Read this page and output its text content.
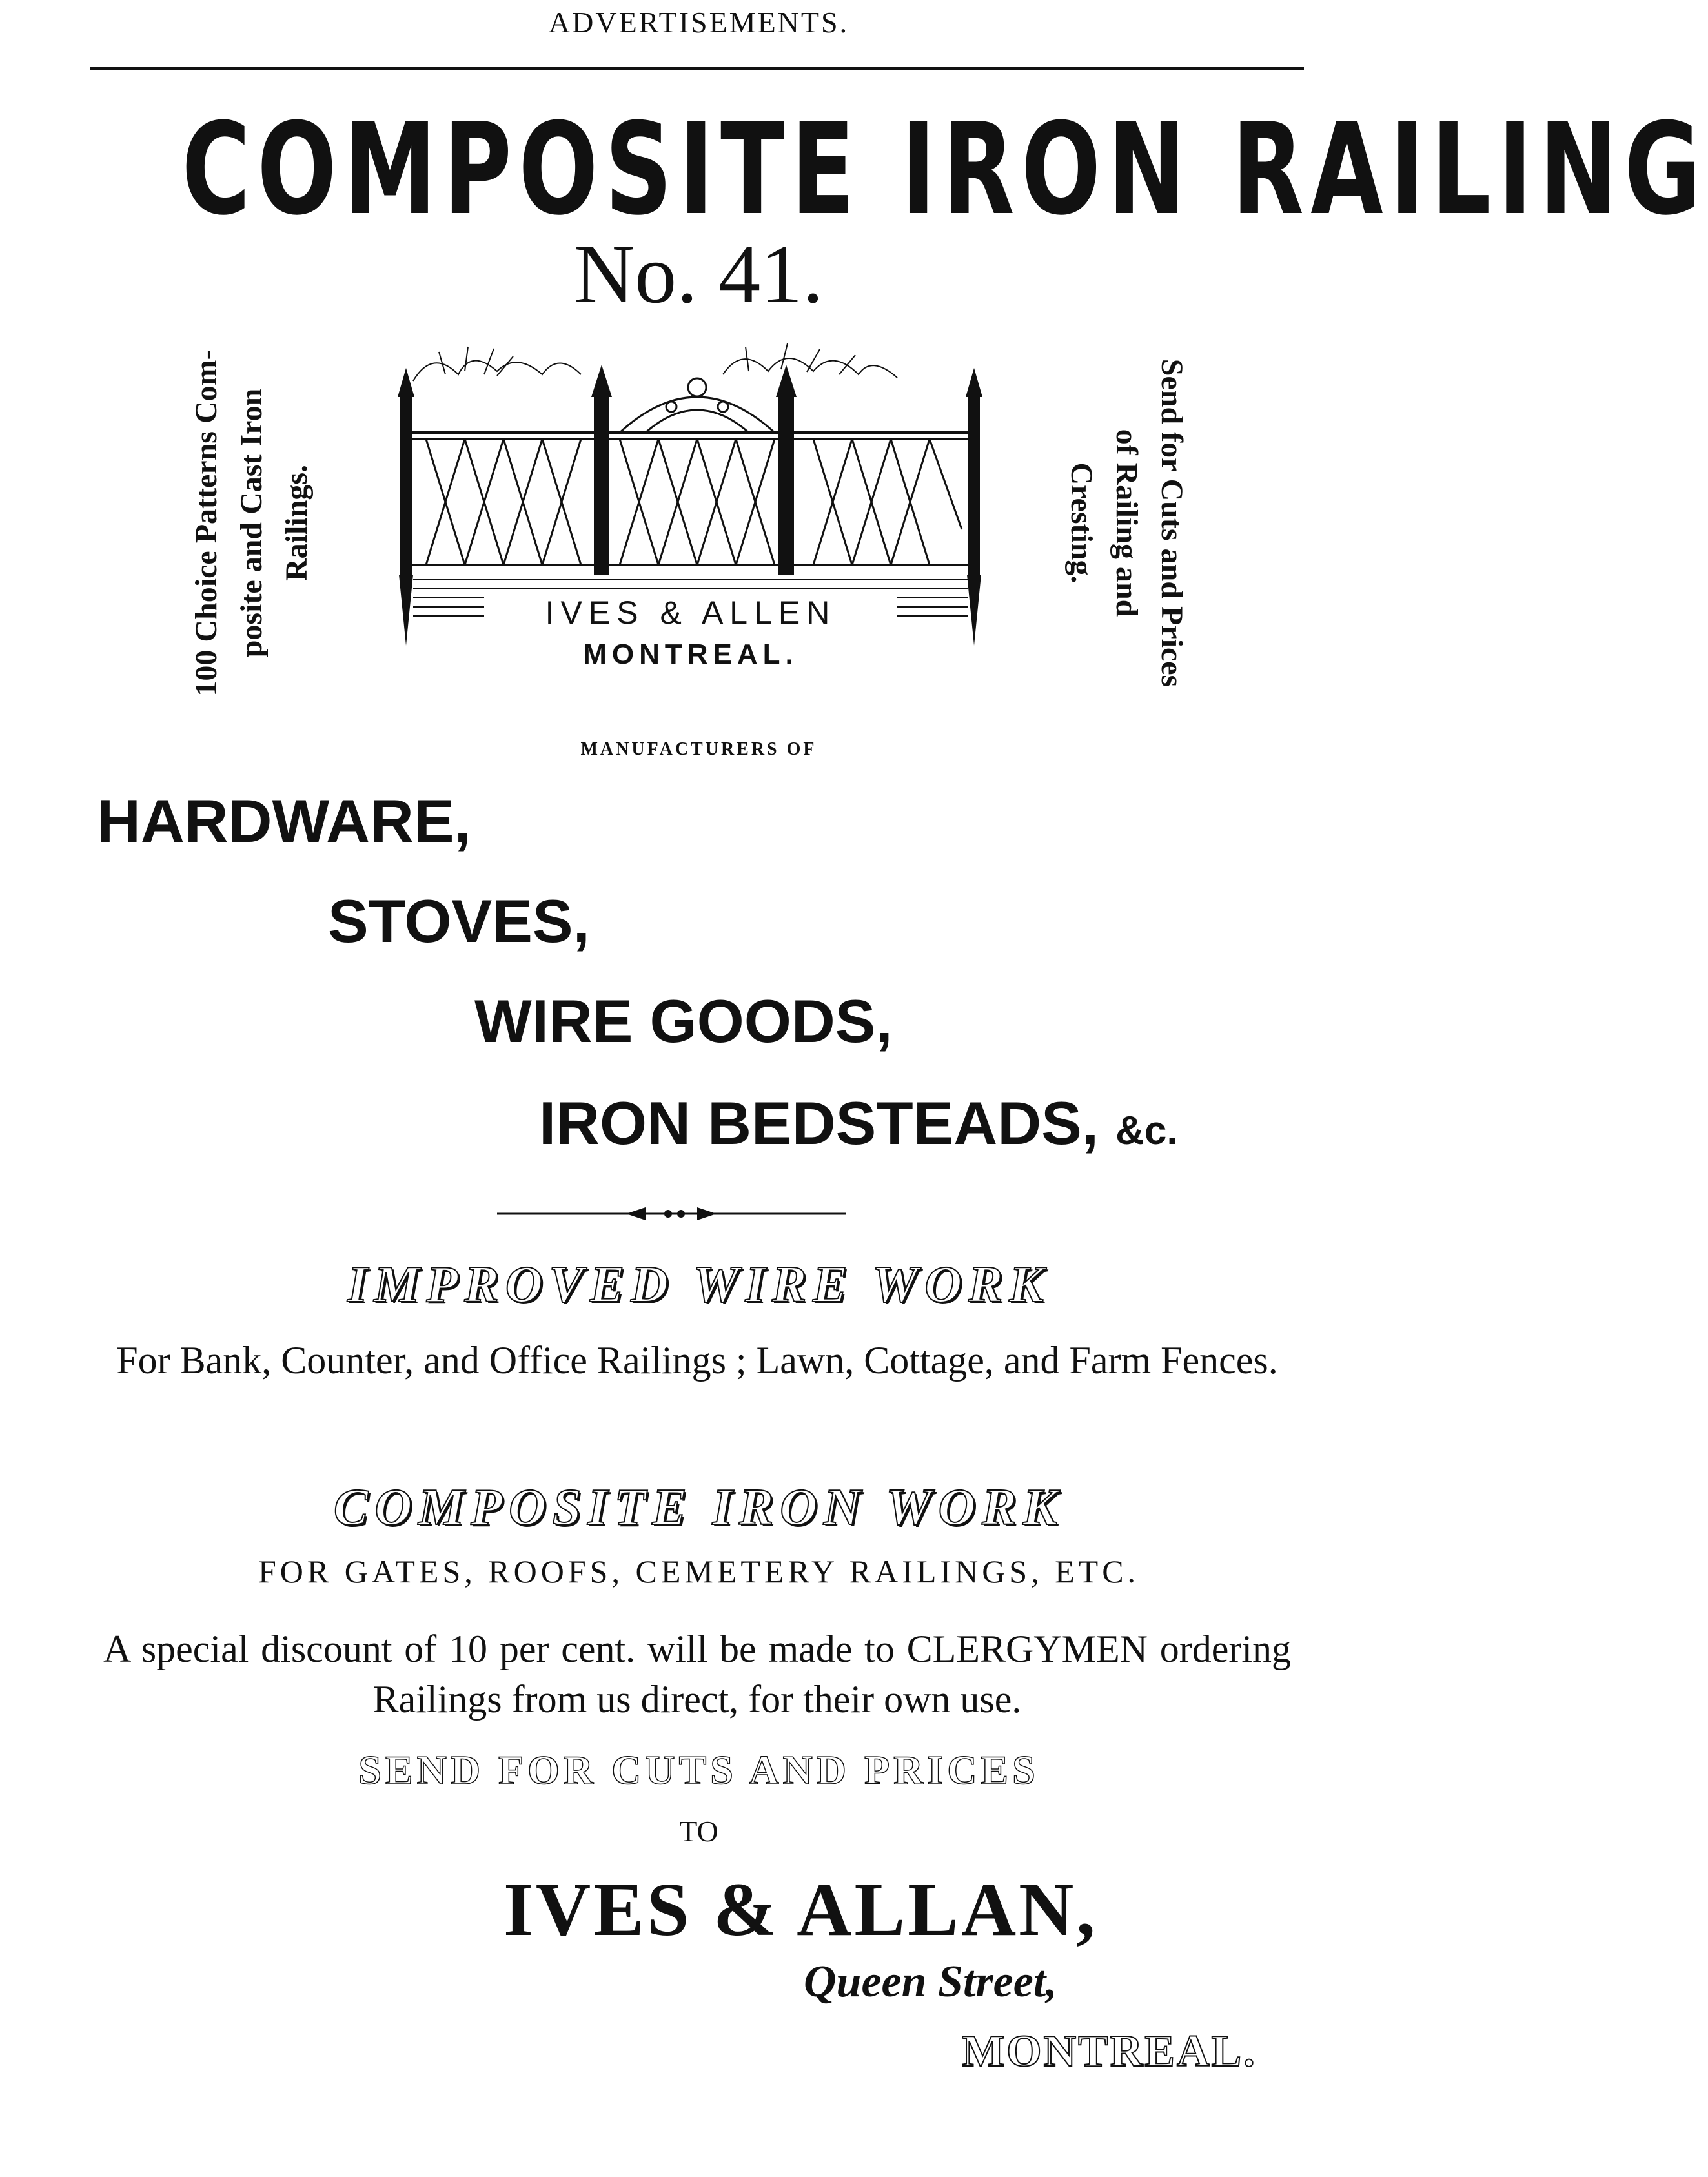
ADVERTISEMENTS.
COMPOSITE IRON RAILING
No. 41.
100 Choice Patterns Com-
posite and Cast Iron
Railings.
Send for Cuts and Prices
of Railing and
Cresting.
IVES & ALLEN
MONTREAL.
MANUFACTURERS OF
HARDWARE,
STOVES,
WIRE GOODS,
IRON BEDSTEADS, &c.
IMPROVED WIRE WORK
For Bank, Counter, and Office Railings ; Lawn, Cottage, and Farm Fences.
COMPOSITE IRON WORK
FOR GATES, ROOFS, CEMETERY RAILINGS, ETC.
A special discount of 10 per cent. will be made to CLERGYMEN ordering Railings from us direct, for their own use.
SEND FOR CUTS AND PRICES
TO
IVES & ALLAN,
Queen Street,
MONTREAL.
